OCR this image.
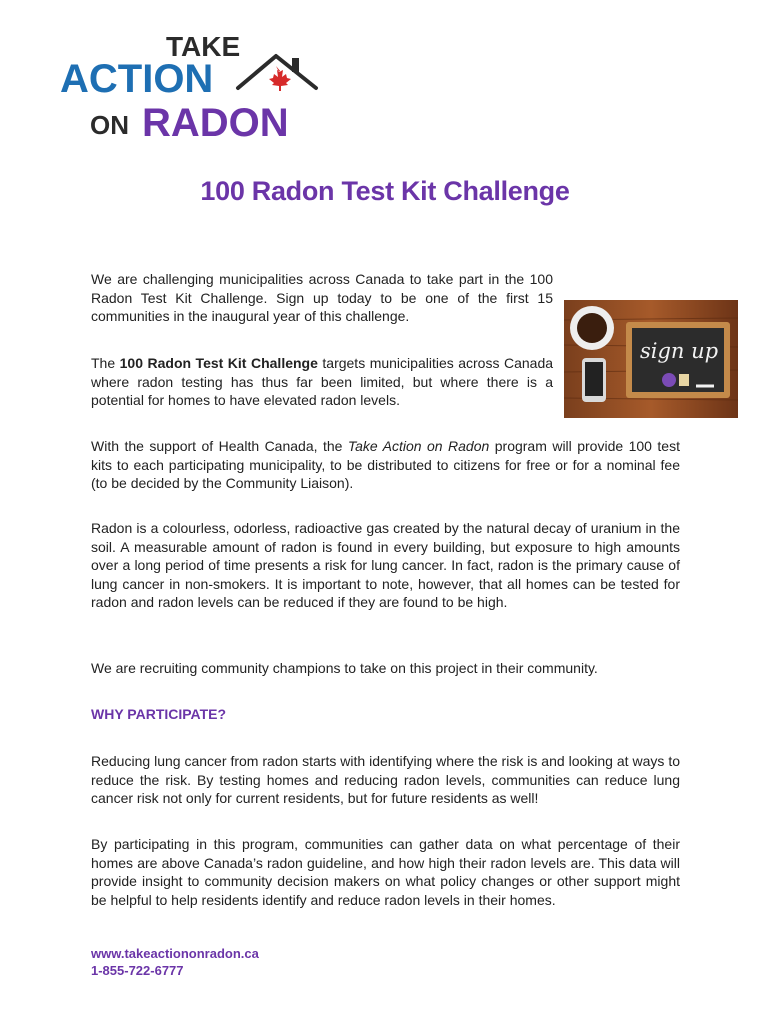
TAKE
ACTION
ON RADON
100 Radon Test Kit Challenge

We are challenging municipalities across Canada to take part in the 100 Radon Test Kit Challenge. Sign up today to be one of the first 15 communities in the inaugural year of this challenge.

The 100 Radon Test Kit Challenge targets municipalities across Canada where radon testing has thus far been limited, but where there is a potential for homes to have elevated radon levels.

sign up

With the support of Health Canada, the Take Action on Radon program will provide 100 test kits to each participating municipality, to be distributed to citizens for free or for a nominal fee (to be decided by the Community Liaison).

Radon is a colourless, odorless, radioactive gas created by the natural decay of uranium in the soil. A measurable amount of radon is found in every building, but exposure to high amounts over a long period of time presents a risk for lung cancer. In fact, radon is the primary cause of lung cancer in non-smokers. It is important to note, however, that all homes can be tested for radon and radon levels can be reduced if they are found to be high.

We are recruiting community champions to take on this project in their community.

WHY PARTICIPATE?

Reducing lung cancer from radon starts with identifying where the risk is and looking at ways to reduce the risk. By testing homes and reducing radon levels, communities can reduce lung cancer risk not only for current residents, but for future residents as well!

By participating in this program, communities can gather data on what percentage of their homes are above Canada’s radon guideline, and how high their radon levels are. This data will provide insight to community decision makers on what policy changes or other support might be helpful to help residents identify and reduce radon levels in their homes.

www.takeactiononradon.ca
1-855-722-6777
